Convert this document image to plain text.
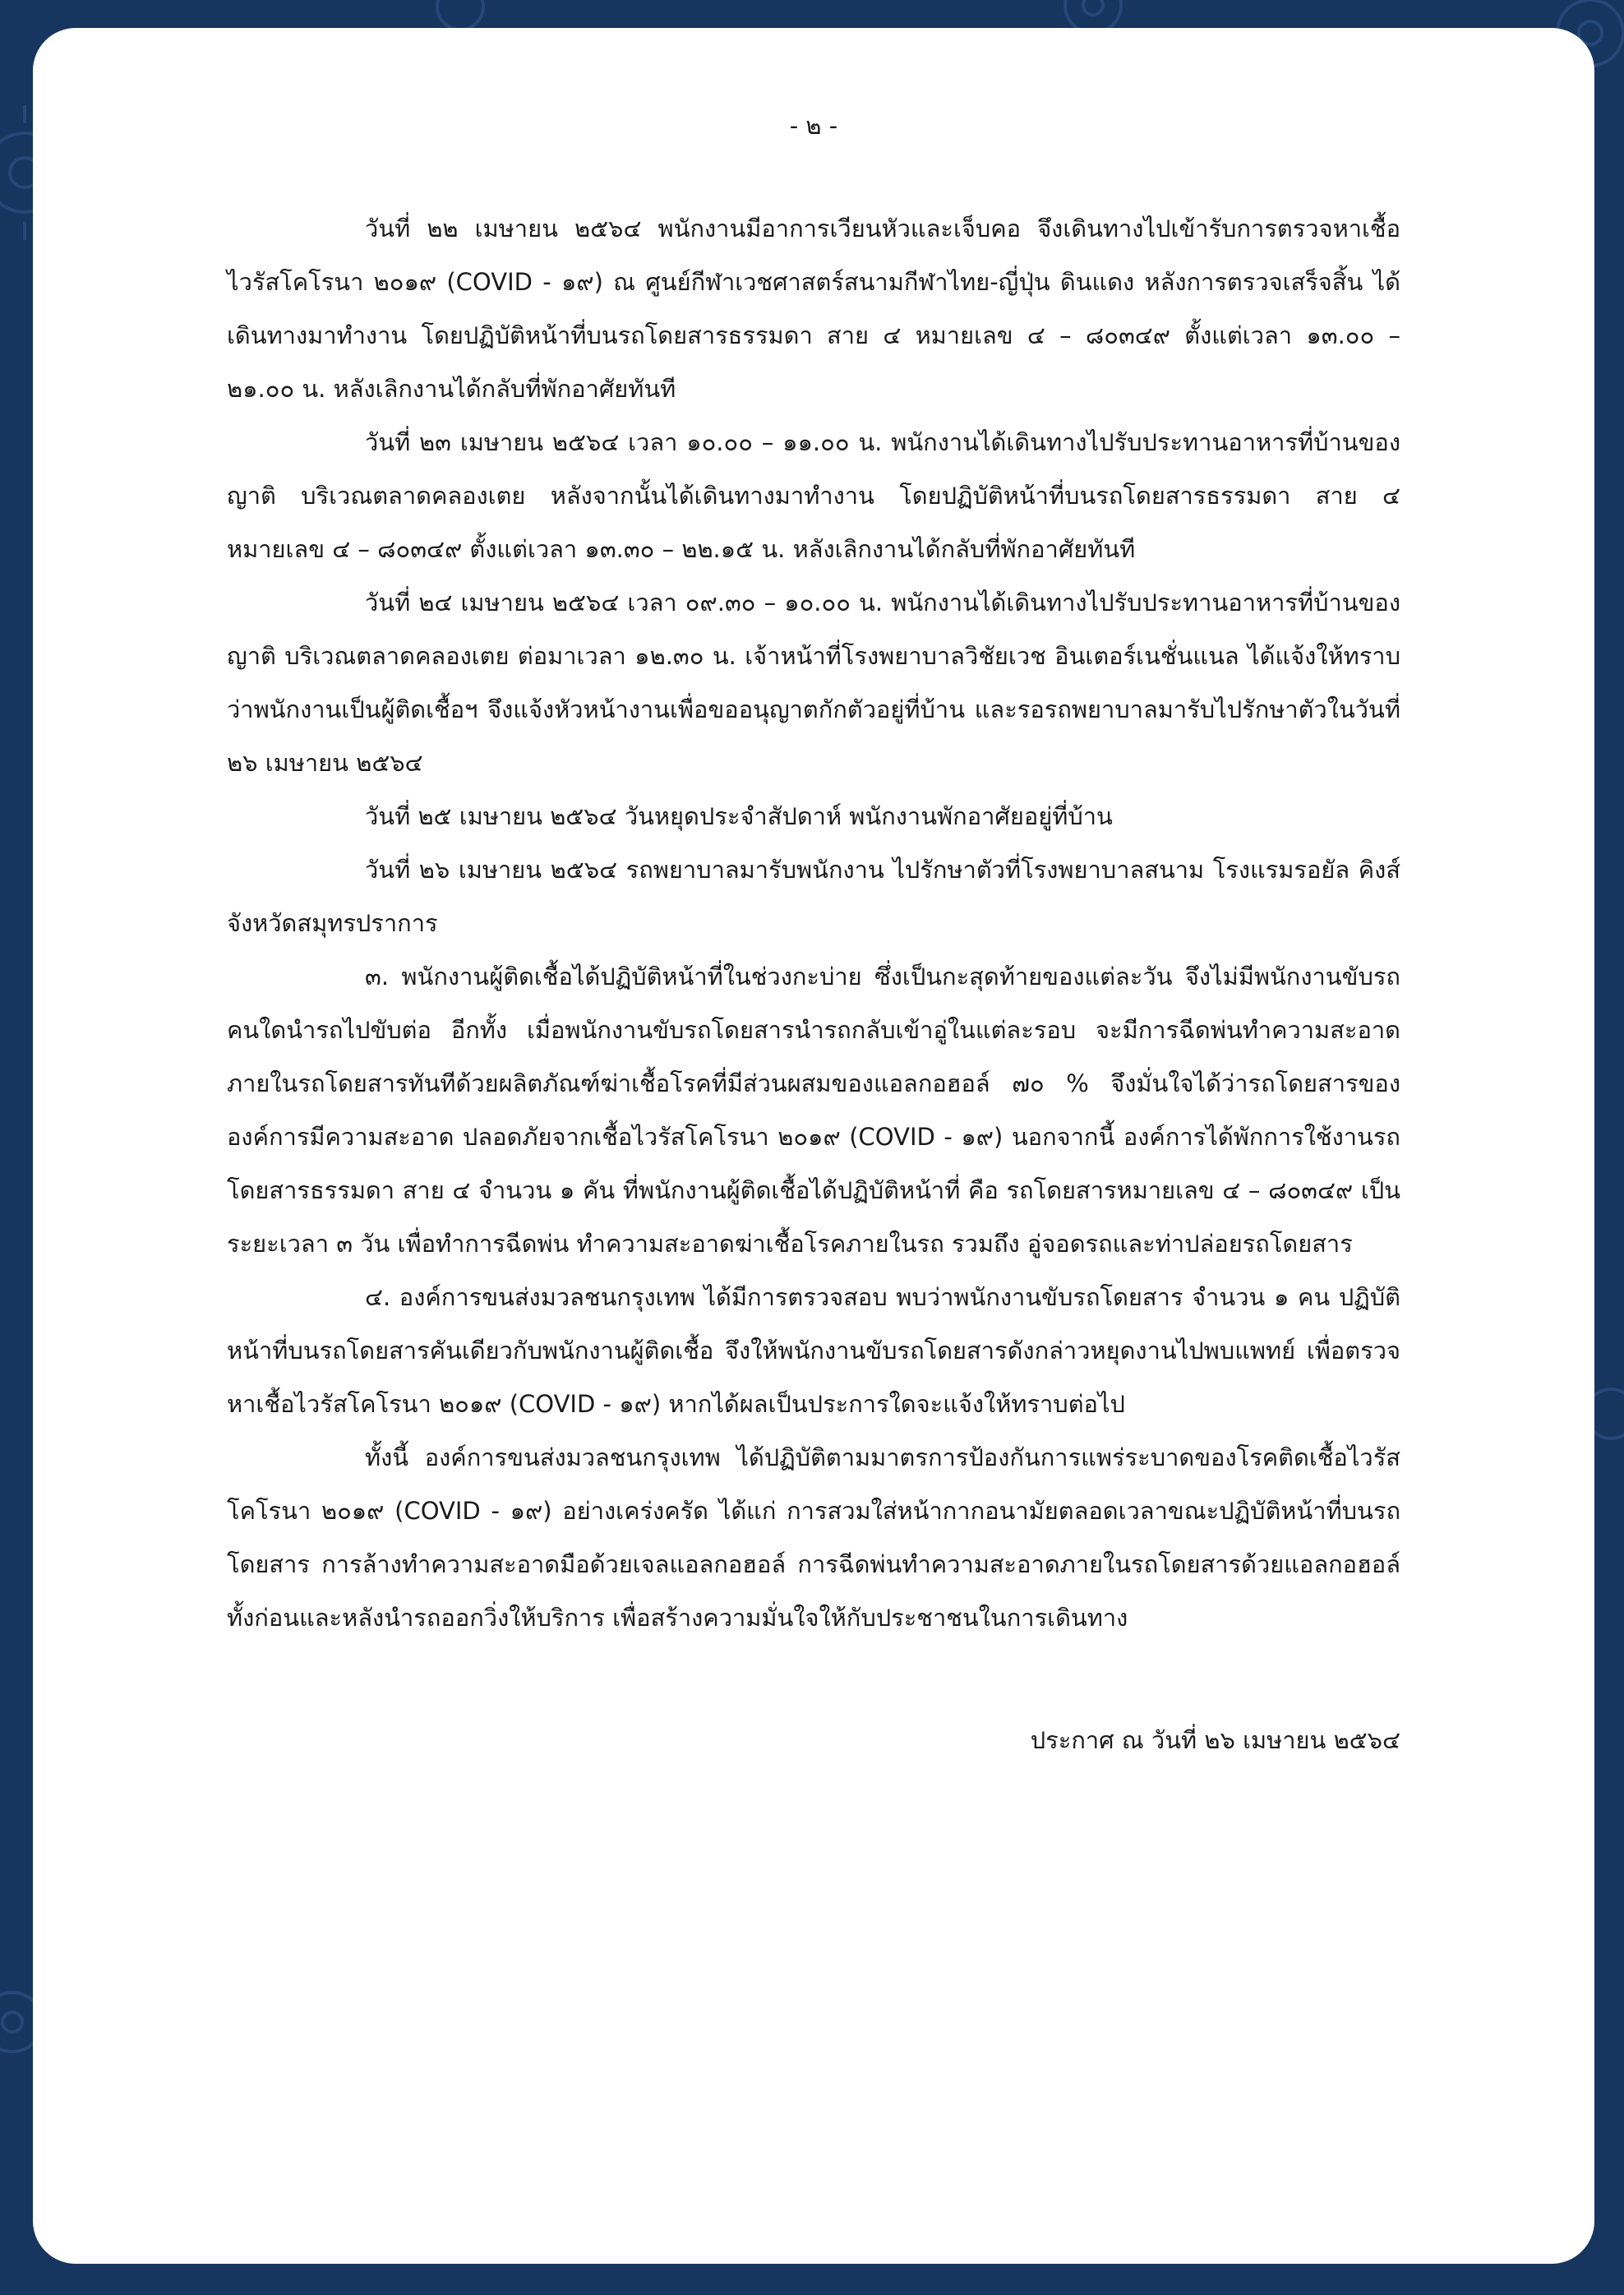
- ๒ -

วันที่ ๒๒ เมษายน ๒๕๖๔ พนักงานมีอาการเวียนหัวและเจ็บคอ จึงเดินทางไปเข้ารับการตรวจหาเชื้อไวรัสโคโรนา ๒๐๑๙ (COVID - ๑๙) ณ ศูนย์กีฬาเวชศาสตร์สนามกีฬาไทย-ญี่ปุ่น ดินแดง หลังการตรวจเสร็จสิ้น ได้เดินทางมาทำงาน โดยปฏิบัติหน้าที่บนรถโดยสารธรรมดา สาย ๔ หมายเลข ๔ – ๘๐๓๔๙ ตั้งแต่เวลา ๑๓.๐๐ – ๒๑.๐๐ น. หลังเลิกงานได้กลับที่พักอาศัยทันที

วันที่ ๒๓ เมษายน ๒๕๖๔ เวลา ๑๐.๐๐ – ๑๑.๐๐ น. พนักงานได้เดินทางไปรับประทานอาหารที่บ้านของญาติ บริเวณตลาดคลองเตย หลังจากนั้นได้เดินทางมาทำงาน โดยปฏิบัติหน้าที่บนรถโดยสารธรรมดา สาย ๔ หมายเลข ๔ – ๘๐๓๔๙ ตั้งแต่เวลา ๑๓.๓๐ – ๒๒.๑๕ น. หลังเลิกงานได้กลับที่พักอาศัยทันที

วันที่ ๒๔ เมษายน ๒๕๖๔ เวลา ๐๙.๓๐ – ๑๐.๐๐ น. พนักงานได้เดินทางไปรับประทานอาหารที่บ้านของญาติ บริเวณตลาดคลองเตย ต่อมาเวลา ๑๒.๓๐ น. เจ้าหน้าที่โรงพยาบาลวิชัยเวช อินเตอร์เนชั่นแนล ได้แจ้งให้ทราบว่าพนักงานเป็นผู้ติดเชื้อฯ จึงแจ้งหัวหน้างานเพื่อขออนุญาตกักตัวอยู่ที่บ้าน และรอรถพยาบาลมารับไปรักษาตัวในวันที่ ๒๖ เมษายน ๒๕๖๔

วันที่ ๒๕ เมษายน ๒๕๖๔ วันหยุดประจำสัปดาห์ พนักงานพักอาศัยอยู่ที่บ้าน

วันที่ ๒๖ เมษายน ๒๕๖๔ รถพยาบาลมารับพนักงาน ไปรักษาตัวที่โรงพยาบาลสนาม โรงแรมรอยัล คิงส์ จังหวัดสมุทรปราการ

๓. พนักงานผู้ติดเชื้อได้ปฏิบัติหน้าที่ในช่วงกะบ่าย ซึ่งเป็นกะสุดท้ายของแต่ละวัน จึงไม่มีพนักงานขับรถคนใดนำรถไปขับต่อ อีกทั้ง เมื่อพนักงานขับรถโดยสารนำรถกลับเข้าอู่ในแต่ละรอบ จะมีการฉีดพ่นทำความสะอาดภายในรถโดยสารทันทีด้วยผลิตภัณฑ์ฆ่าเชื้อโรคที่มีส่วนผสมของแอลกอฮอล์ ๗๐ % จึงมั่นใจได้ว่ารถโดยสารขององค์การมีความสะอาด ปลอดภัยจากเชื้อไวรัสโคโรนา ๒๐๑๙ (COVID - ๑๙) นอกจากนี้ องค์การได้พักการใช้งานรถโดยสารธรรมดา สาย ๔ จำนวน ๑ คัน ที่พนักงานผู้ติดเชื้อได้ปฏิบัติหน้าที่ คือ รถโดยสารหมายเลข ๔ – ๘๐๓๔๙ เป็นระยะเวลา ๓ วัน เพื่อทำการฉีดพ่น ทำความสะอาดฆ่าเชื้อโรคภายในรถ รวมถึง อู่จอดรถและท่าปล่อยรถโดยสาร

๔. องค์การขนส่งมวลชนกรุงเทพ ได้มีการตรวจสอบ พบว่าพนักงานขับรถโดยสาร จำนวน ๑ คน ปฏิบัติหน้าที่บนรถโดยสารคันเดียวกับพนักงานผู้ติดเชื้อ จึงให้พนักงานขับรถโดยสารดังกล่าวหยุดงานไปพบแพทย์ เพื่อตรวจหาเชื้อไวรัสโคโรนา ๒๐๑๙ (COVID - ๑๙) หากได้ผลเป็นประการใดจะแจ้งให้ทราบต่อไป

ทั้งนี้ องค์การขนส่งมวลชนกรุงเทพ ได้ปฏิบัติตามมาตรการป้องกันการแพร่ระบาดของโรคติดเชื้อไวรัสโคโรนา ๒๐๑๙ (COVID - ๑๙) อย่างเคร่งครัด ได้แก่ การสวมใส่หน้ากากอนามัยตลอดเวลาขณะปฏิบัติหน้าที่บนรถโดยสาร การล้างทำความสะอาดมือด้วยเจลแอลกอฮอล์ การฉีดพ่นทำความสะอาดภายในรถโดยสารด้วยแอลกอฮอล์ ทั้งก่อนและหลังนำรถออกวิ่งให้บริการ เพื่อสร้างความมั่นใจให้กับประชาชนในการเดินทาง

ประกาศ ณ วันที่ ๒๖ เมษายน ๒๕๖๔
